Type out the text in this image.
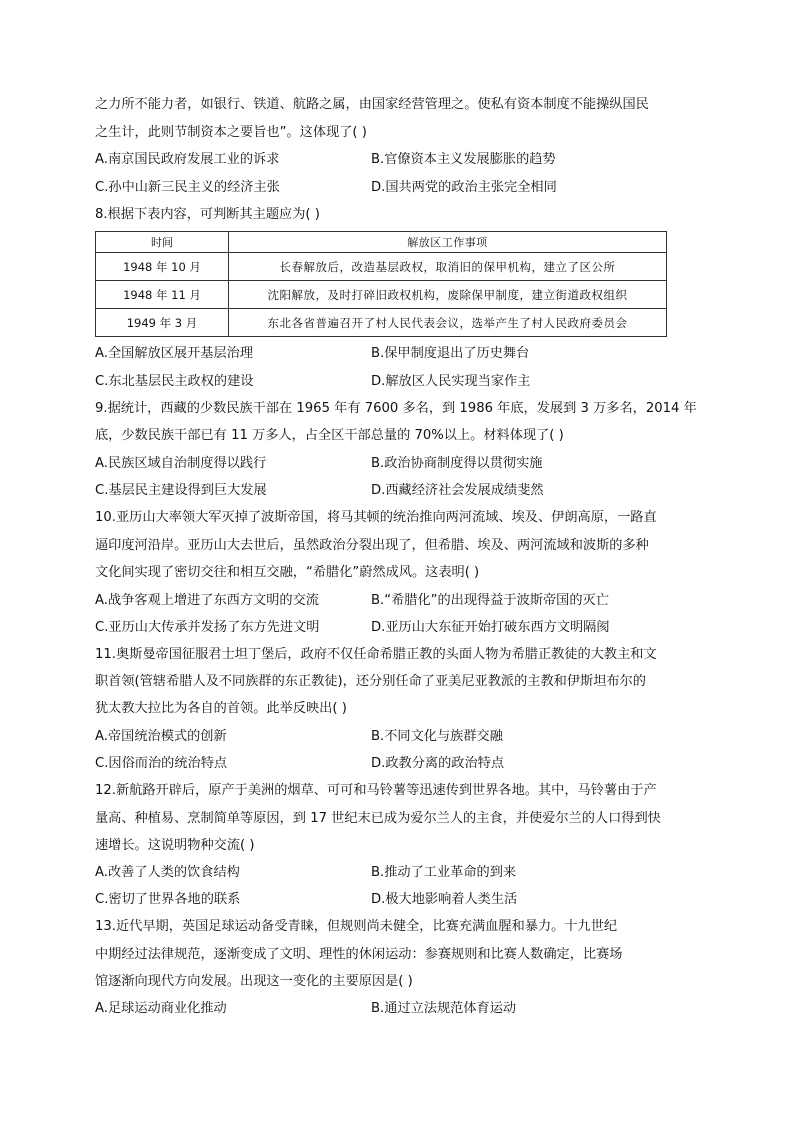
之力所不能力者，如银行、铁道、航路之属，由国家经营管理之。使私有资本制度不能操纵国民
之生计，此则节制资本之要旨也”。这体现了( )
A.南京国民政府发展工业的诉求	B.官僚资本主义发展膨胀的趋势
C.孙中山新三民主义的经济主张	D.国共两党的政治主张完全相同
8.根据下表内容，可判断其主题应为( )
时间	解放区工作事项
1948 年 10 月	长春解放后，改造基层政权，取消旧的保甲机构，建立了区公所
1948 年 11 月	沈阳解放，及时打碎旧政权机构，废除保甲制度，建立街道政权组织
1949 年 3 月	东北各省普遍召开了村人民代表会议，选举产生了村人民政府委员会
A.全国解放区展开基层治理	B.保甲制度退出了历史舞台
C.东北基层民主政权的建设	D.解放区人民实现当家作主
9.据统计，西藏的少数民族干部在 1965 年有 7600 多名，到 1986 年底，发展到 3 万多名，2014 年
底，少数民族干部已有 11 万多人，占全区干部总量的 70%以上。材料体现了( )
A.民族区域自治制度得以践行	B.政治协商制度得以贯彻实施
C.基层民主建设得到巨大发展	D.西藏经济社会发展成绩斐然
10.亚历山大率领大军灭掉了波斯帝国，将马其顿的统治推向两河流域、埃及、伊朗高原，一路直
逼印度河沿岸。亚历山大去世后，虽然政治分裂出现了，但希腊、埃及、两河流域和波斯的多种
文化间实现了密切交往和相互交融，“希腊化”蔚然成风。这表明( )
A.战争客观上增进了东西方文明的交流	B.“希腊化”的出现得益于波斯帝国的灭亡
C.亚历山大传承并发扬了东方先进文明	D.亚历山大东征开始打破东西方文明隔阂
11.奥斯曼帝国征服君士坦丁堡后，政府不仅任命希腊正教的头面人物为希腊正教徒的大教主和文
职首领(管辖希腊人及不同族群的东正教徒)，还分别任命了亚美尼亚教派的主教和伊斯坦布尔的
犹太教大拉比为各自的首领。此举反映出( )
A.帝国统治模式的创新	B.不同文化与族群交融
C.因俗而治的统治特点	D.政教分离的政治特点
12.新航路开辟后，原产于美洲的烟草、可可和马铃薯等迅速传到世界各地。其中，马铃薯由于产
量高、种植易、烹制简单等原因，到 17 世纪末已成为爱尔兰人的主食，并使爱尔兰的人口得到快
速增长。这说明物种交流( )
A.改善了人类的饮食结构	B.推动了工业革命的到来
C.密切了世界各地的联系	D.极大地影响着人类生活
13.近代早期，英国足球运动备受青睐，但规则尚未健全，比赛充满血腥和暴力。十九世纪
中期经过法律规范，逐渐变成了文明、理性的休闲运动：参赛规则和比赛人数确定，比赛场
馆逐渐向现代方向发展。出现这一变化的主要原因是( )
A.足球运动商业化推动	B.通过立法规范体育运动
